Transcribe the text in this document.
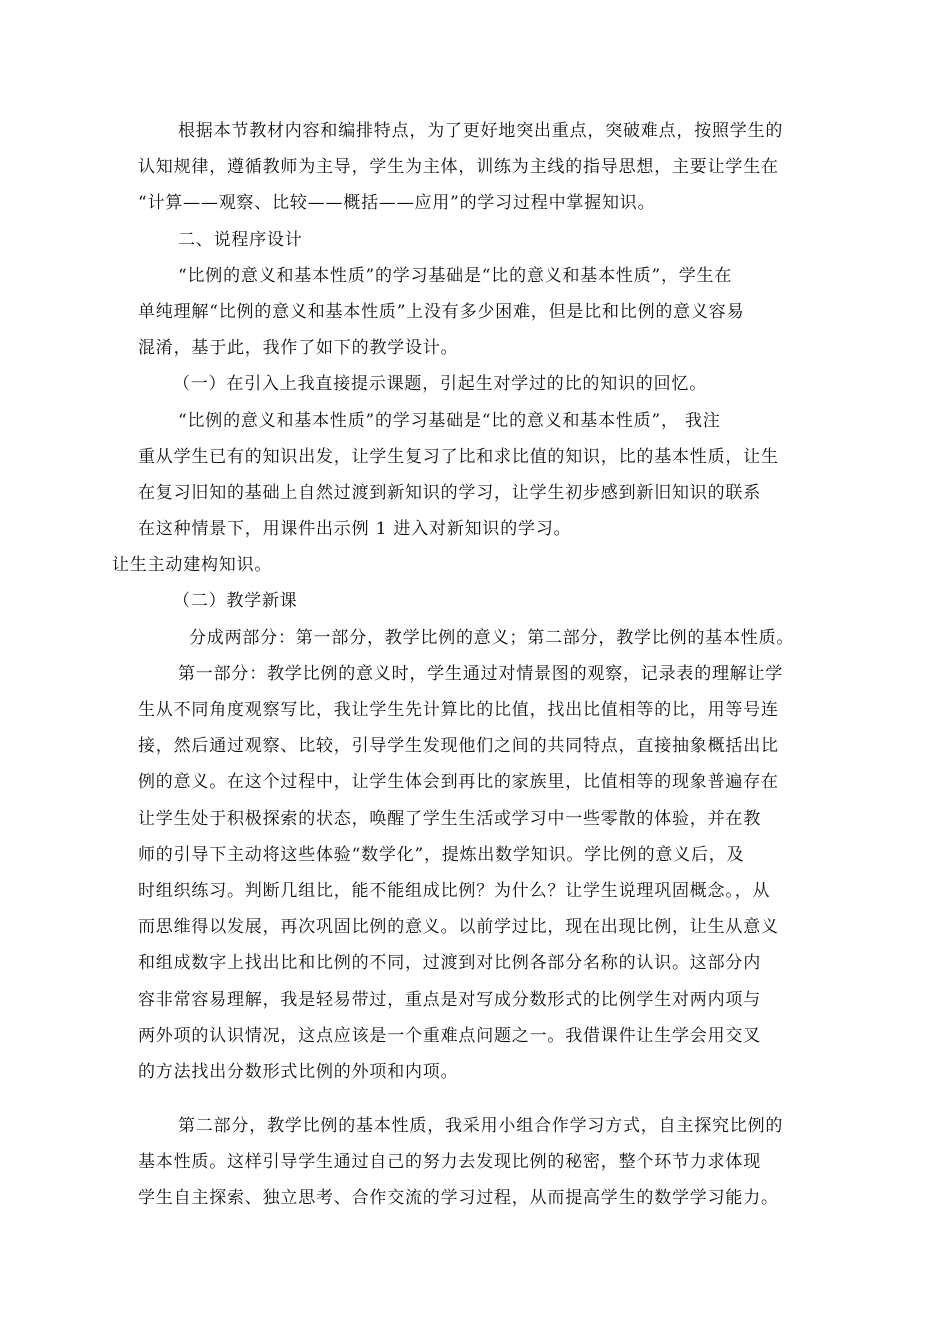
根据本节教材内容和编排特点，为了更好地突出重点，突破难点，按照学生的
认知规律，遵循教师为主导，学生为主体，训练为主线的指导思想，主要让学生在
“计算——观察、比较——概括——应用”的学习过程中掌握知识。
二、说程序设计
“比例的意义和基本性质”的学习基础是“比的意义和基本性质”，学生在
单纯理解“比例的意义和基本性质”上没有多少困难，但是比和比例的意义容易
混淆，基于此，我作了如下的教学设计。
（一）在引入上我直接提示课题，引起生对学过的比的知识的回忆。
“比例的意义和基本性质”的学习基础是“比的意义和基本性质”， 我注
重从学生已有的知识出发，让学生复习了比和求比值的知识，比的基本性质，让生
在复习旧知的基础上自然过渡到新知识的学习，让学生初步感到新旧知识的联系
在这种情景下，用课件出示例 1 进入对新知识的学习。
让生主动建构知识。
（二）教学新课
分成两部分：第一部分，教学比例的意义；第二部分，教学比例的基本性质。
第一部分：教学比例的意义时，学生通过对情景图的观察，记录表的理解让学
生从不同角度观察写比，我让学生先计算比的比值，找出比值相等的比，用等号连
接，然后通过观察、比较，引导学生发现他们之间的共同特点，直接抽象概括出比
例的意义。在这个过程中，让学生体会到再比的家族里，比值相等的现象普遍存在
让学生处于积极探索的状态，唤醒了学生生活或学习中一些零散的体验，并在教
师的引导下主动将这些体验“数学化”，提炼出数学知识。学比例的意义后，及
时组织练习。判断几组比，能不能组成比例？为什么？让学生说理巩固概念。，从
而思维得以发展，再次巩固比例的意义。以前学过比，现在出现比例，让生从意义
和组成数字上找出比和比例的不同，过渡到对比例各部分名称的认识。这部分内
容非常容易理解，我是轻易带过，重点是对写成分数形式的比例学生对两内项与
两外项的认识情况，这点应该是一个重难点问题之一。我借课件让生学会用交叉
的方法找出分数形式比例的外项和内项。
第二部分，教学比例的基本性质，我采用小组合作学习方式，自主探究比例的
基本性质。这样引导学生通过自己的努力去发现比例的秘密，整个环节力求体现
学生自主探索、独立思考、合作交流的学习过程，从而提高学生的数学学习能力。
